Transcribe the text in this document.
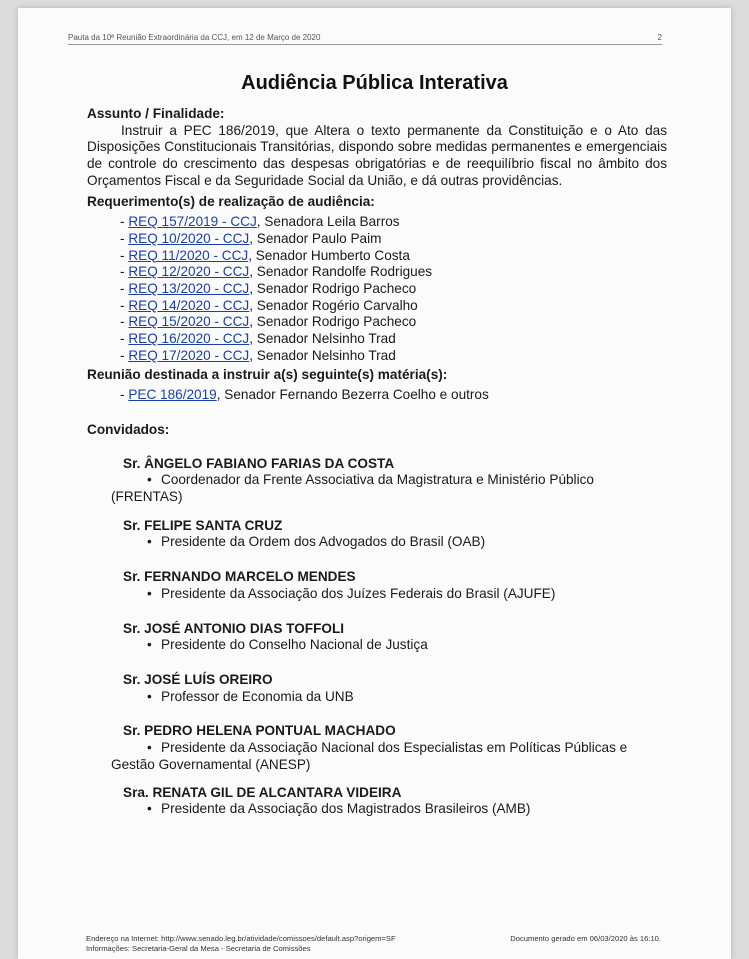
Pauta da 10ª Reunião Extraordinária da CCJ, em 12 de Março de 2020	2
Audiência Pública Interativa
Assunto / Finalidade:

Instruir a PEC 186/2019, que Altera o texto permanente da Constituição e o Ato das Disposições Constitucionais Transitórias, dispondo sobre medidas permanentes e emergenciais de controle do crescimento das despesas obrigatórias e de reequilíbrio fiscal no âmbito dos Orçamentos Fiscal e da Seguridade Social da União, e dá outras providências.

Requerimento(s) de realização de audiência:
- REQ 157/2019 - CCJ, Senadora Leila Barros
- REQ 10/2020 - CCJ, Senador Paulo Paim
- REQ 11/2020 - CCJ, Senador Humberto Costa
- REQ 12/2020 - CCJ, Senador Randolfe Rodrigues
- REQ 13/2020 - CCJ, Senador Rodrigo Pacheco
- REQ 14/2020 - CCJ, Senador Rogério Carvalho
- REQ 15/2020 - CCJ, Senador Rodrigo Pacheco
- REQ 16/2020 - CCJ, Senador Nelsinho Trad
- REQ 17/2020 - CCJ, Senador Nelsinho Trad
Reunião destinada a instruir a(s) seguinte(s) matéria(s):
- PEC 186/2019, Senador Fernando Bezerra Coelho e outros
Convidados:
Sr. ÂNGELO FABIANO FARIAS DA COSTA
• Coordenador da Frente Associativa da Magistratura e Ministério Público
(FRENTAS)
Sr. FELIPE SANTA CRUZ
• Presidente da Ordem dos Advogados do Brasil (OAB)
Sr. FERNANDO MARCELO MENDES
• Presidente da Associação dos Juízes Federais do Brasil (AJUFE)
Sr. JOSÉ ANTONIO DIAS TOFFOLI
• Presidente do Conselho Nacional de Justiça
Sr. JOSÉ LUÍS OREIRO
• Professor de Economia da UNB
Sr. PEDRO HELENA PONTUAL MACHADO
• Presidente da Associação Nacional dos Especialistas em Políticas Públicas e
Gestão Governamental (ANESP)
Sra. RENATA GIL DE ALCANTARA VIDEIRA
• Presidente da Associação dos Magistrados Brasileiros (AMB)
Endereço na Internet: http://www.senado.leg.br/atividade/comissoes/default.asp?origem=SF
Informações: Secretaria-Geral da Mesa - Secretaria de Comissões
Documento gerado em 06/03/2020 às 16:10.
